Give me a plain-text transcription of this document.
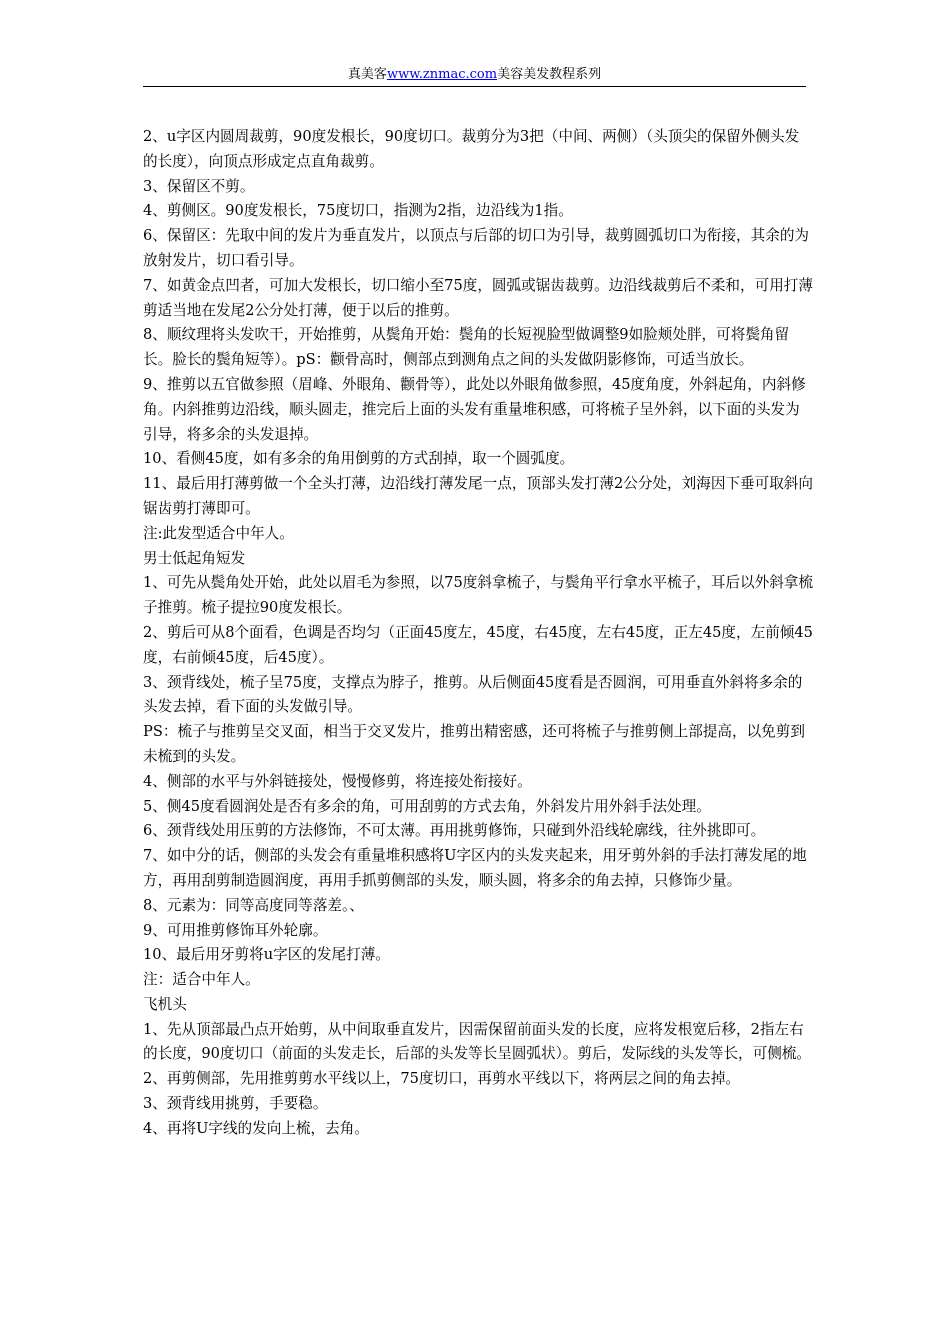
真美客www.znmac.com美容美发教程系列

2、u字区内圆周裁剪，90度发根长，90度切口。裁剪分为3把（中间、两侧）（头顶尖的保留外侧头发的长度），向顶点形成定点直角裁剪。

3、保留区不剪。

4、剪侧区。90度发根长，75度切口，指测为2指，边沿线为1指。

6、保留区：先取中间的发片为垂直发片，以顶点与后部的切口为引导，裁剪圆弧切口为衔接，其余的为放射发片，切口看引导。

7、如黄金点凹者，可加大发根长，切口缩小至75度，圆弧或锯齿裁剪。边沿线裁剪后不柔和，可用打薄剪适当地在发尾2公分处打薄，便于以后的推剪。

8、顺纹理将头发吹干，开始推剪，从鬓角开始：鬓角的长短视脸型做调整9如脸颊处胖，可将鬓角留长。脸长的鬓角短等）。pS：颧骨高时，侧部点到测角点之间的头发做阴影修饰，可适当放长。

9、推剪以五官做参照（眉峰、外眼角、颧骨等），此处以外眼角做参照，45度角度，外斜起角，内斜修角。内斜推剪边沿线，顺头圆走，推完后上面的头发有重量堆积感，可将梳子呈外斜，以下面的头发为引导，将多余的头发退掉。

10、看侧45度，如有多余的角用倒剪的方式刮掉，取一个圆弧度。

11、最后用打薄剪做一个全头打薄，边沿线打薄发尾一点，顶部头发打薄2公分处，刘海因下垂可取斜向锯齿剪打薄即可。

注:此发型适合中年人。

男士低起角短发

1、可先从鬓角处开始，此处以眉毛为参照，以75度斜拿梳子，与鬓角平行拿水平梳子，耳后以外斜拿梳子推剪。梳子提拉90度发根长。

2、剪后可从8个面看，色调是否均匀（正面45度左，45度，右45度，左右45度，正左45度，左前倾45度，右前倾45度，后45度）。

3、颈背线处，梳子呈75度，支撑点为脖子，推剪。从后侧面45度看是否圆润，可用垂直外斜将多余的头发去掉，看下面的头发做引导。

PS：梳子与推剪呈交叉面，相当于交叉发片，推剪出精密感，还可将梳子与推剪侧上部提高，以免剪到未梳到的头发。

4、侧部的水平与外斜链接处，慢慢修剪，将连接处衔接好。

5、侧45度看圆润处是否有多余的角，可用刮剪的方式去角，外斜发片用外斜手法处理。

6、颈背线处用压剪的方法修饰，不可太薄。再用挑剪修饰，只碰到外沿线轮廓线，往外挑即可。

7、如中分的话，侧部的头发会有重量堆积感将U字区内的头发夹起来，用牙剪外斜的手法打薄发尾的地方，再用刮剪制造圆润度，再用手抓剪侧部的头发，顺头圆，将多余的角去掉，只修饰少量。

8、元素为：同等高度同等落差。、

9、可用推剪修饰耳外轮廓。

10、最后用牙剪将u字区的发尾打薄。

注：适合中年人。

飞机头

1、先从顶部最凸点开始剪，从中间取垂直发片，因需保留前面头发的长度，应将发根宽后移，2指左右的长度，90度切口（前面的头发走长，后部的头发等长呈圆弧状）。剪后，发际线的头发等长，可侧梳。

2、再剪侧部，先用推剪剪水平线以上，75度切口，再剪水平线以下，将两层之间的角去掉。

3、颈背线用挑剪，手要稳。

4、再将U字线的发向上梳，去角。
